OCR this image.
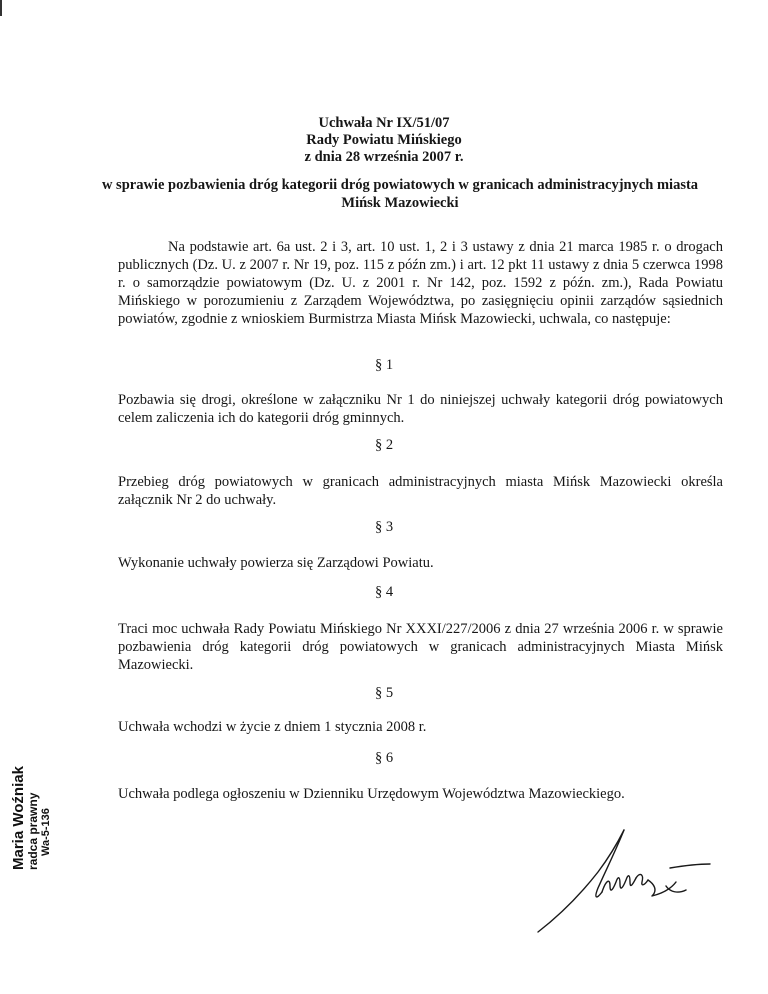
Uchwała Nr IX/51/07
Rady Powiatu Mińskiego
z dnia 28 września 2007 r.
w sprawie pozbawienia dróg kategorii dróg powiatowych w granicach administracyjnych miasta Mińsk Mazowiecki
Na podstawie art. 6a ust. 2 i 3, art. 10 ust. 1, 2 i 3 ustawy z dnia 21 marca 1985 r. o drogach publicznych (Dz. U. z 2007 r. Nr 19, poz. 115 z późn zm.) i art. 12 pkt 11 ustawy z dnia 5 czerwca 1998 r. o samorządzie powiatowym (Dz. U. z 2001 r. Nr 142, poz. 1592 z późn. zm.), Rada Powiatu Mińskiego w porozumieniu z Zarządem Województwa, po zasięgnięciu opinii zarządów sąsiednich powiatów, zgodnie z wnioskiem Burmistrza Miasta Mińsk Mazowiecki, uchwala, co następuje:
§ 1
Pozbawia się drogi, określone w załączniku Nr 1 do niniejszej uchwały kategorii dróg powiatowych celem zaliczenia ich do kategorii dróg gminnych.
§ 2
Przebieg dróg powiatowych w granicach administracyjnych miasta Mińsk Mazowiecki określa załącznik Nr 2 do uchwały.
§ 3
Wykonanie uchwały powierza się Zarządowi Powiatu.
§ 4
Traci moc uchwała Rady Powiatu Mińskiego Nr XXXI/227/2006 z dnia 27 września 2006 r. w sprawie pozbawienia dróg kategorii dróg powiatowych w granicach administracyjnych Miasta Mińsk Mazowiecki.
§ 5
Uchwała wchodzi w życie z dniem 1 stycznia 2008 r.
§ 6
Uchwała podlega ogłoszeniu w Dzienniku Urzędowym Województwa Mazowieckiego.
Maria Woźniak radca prawny Wa-5-136
